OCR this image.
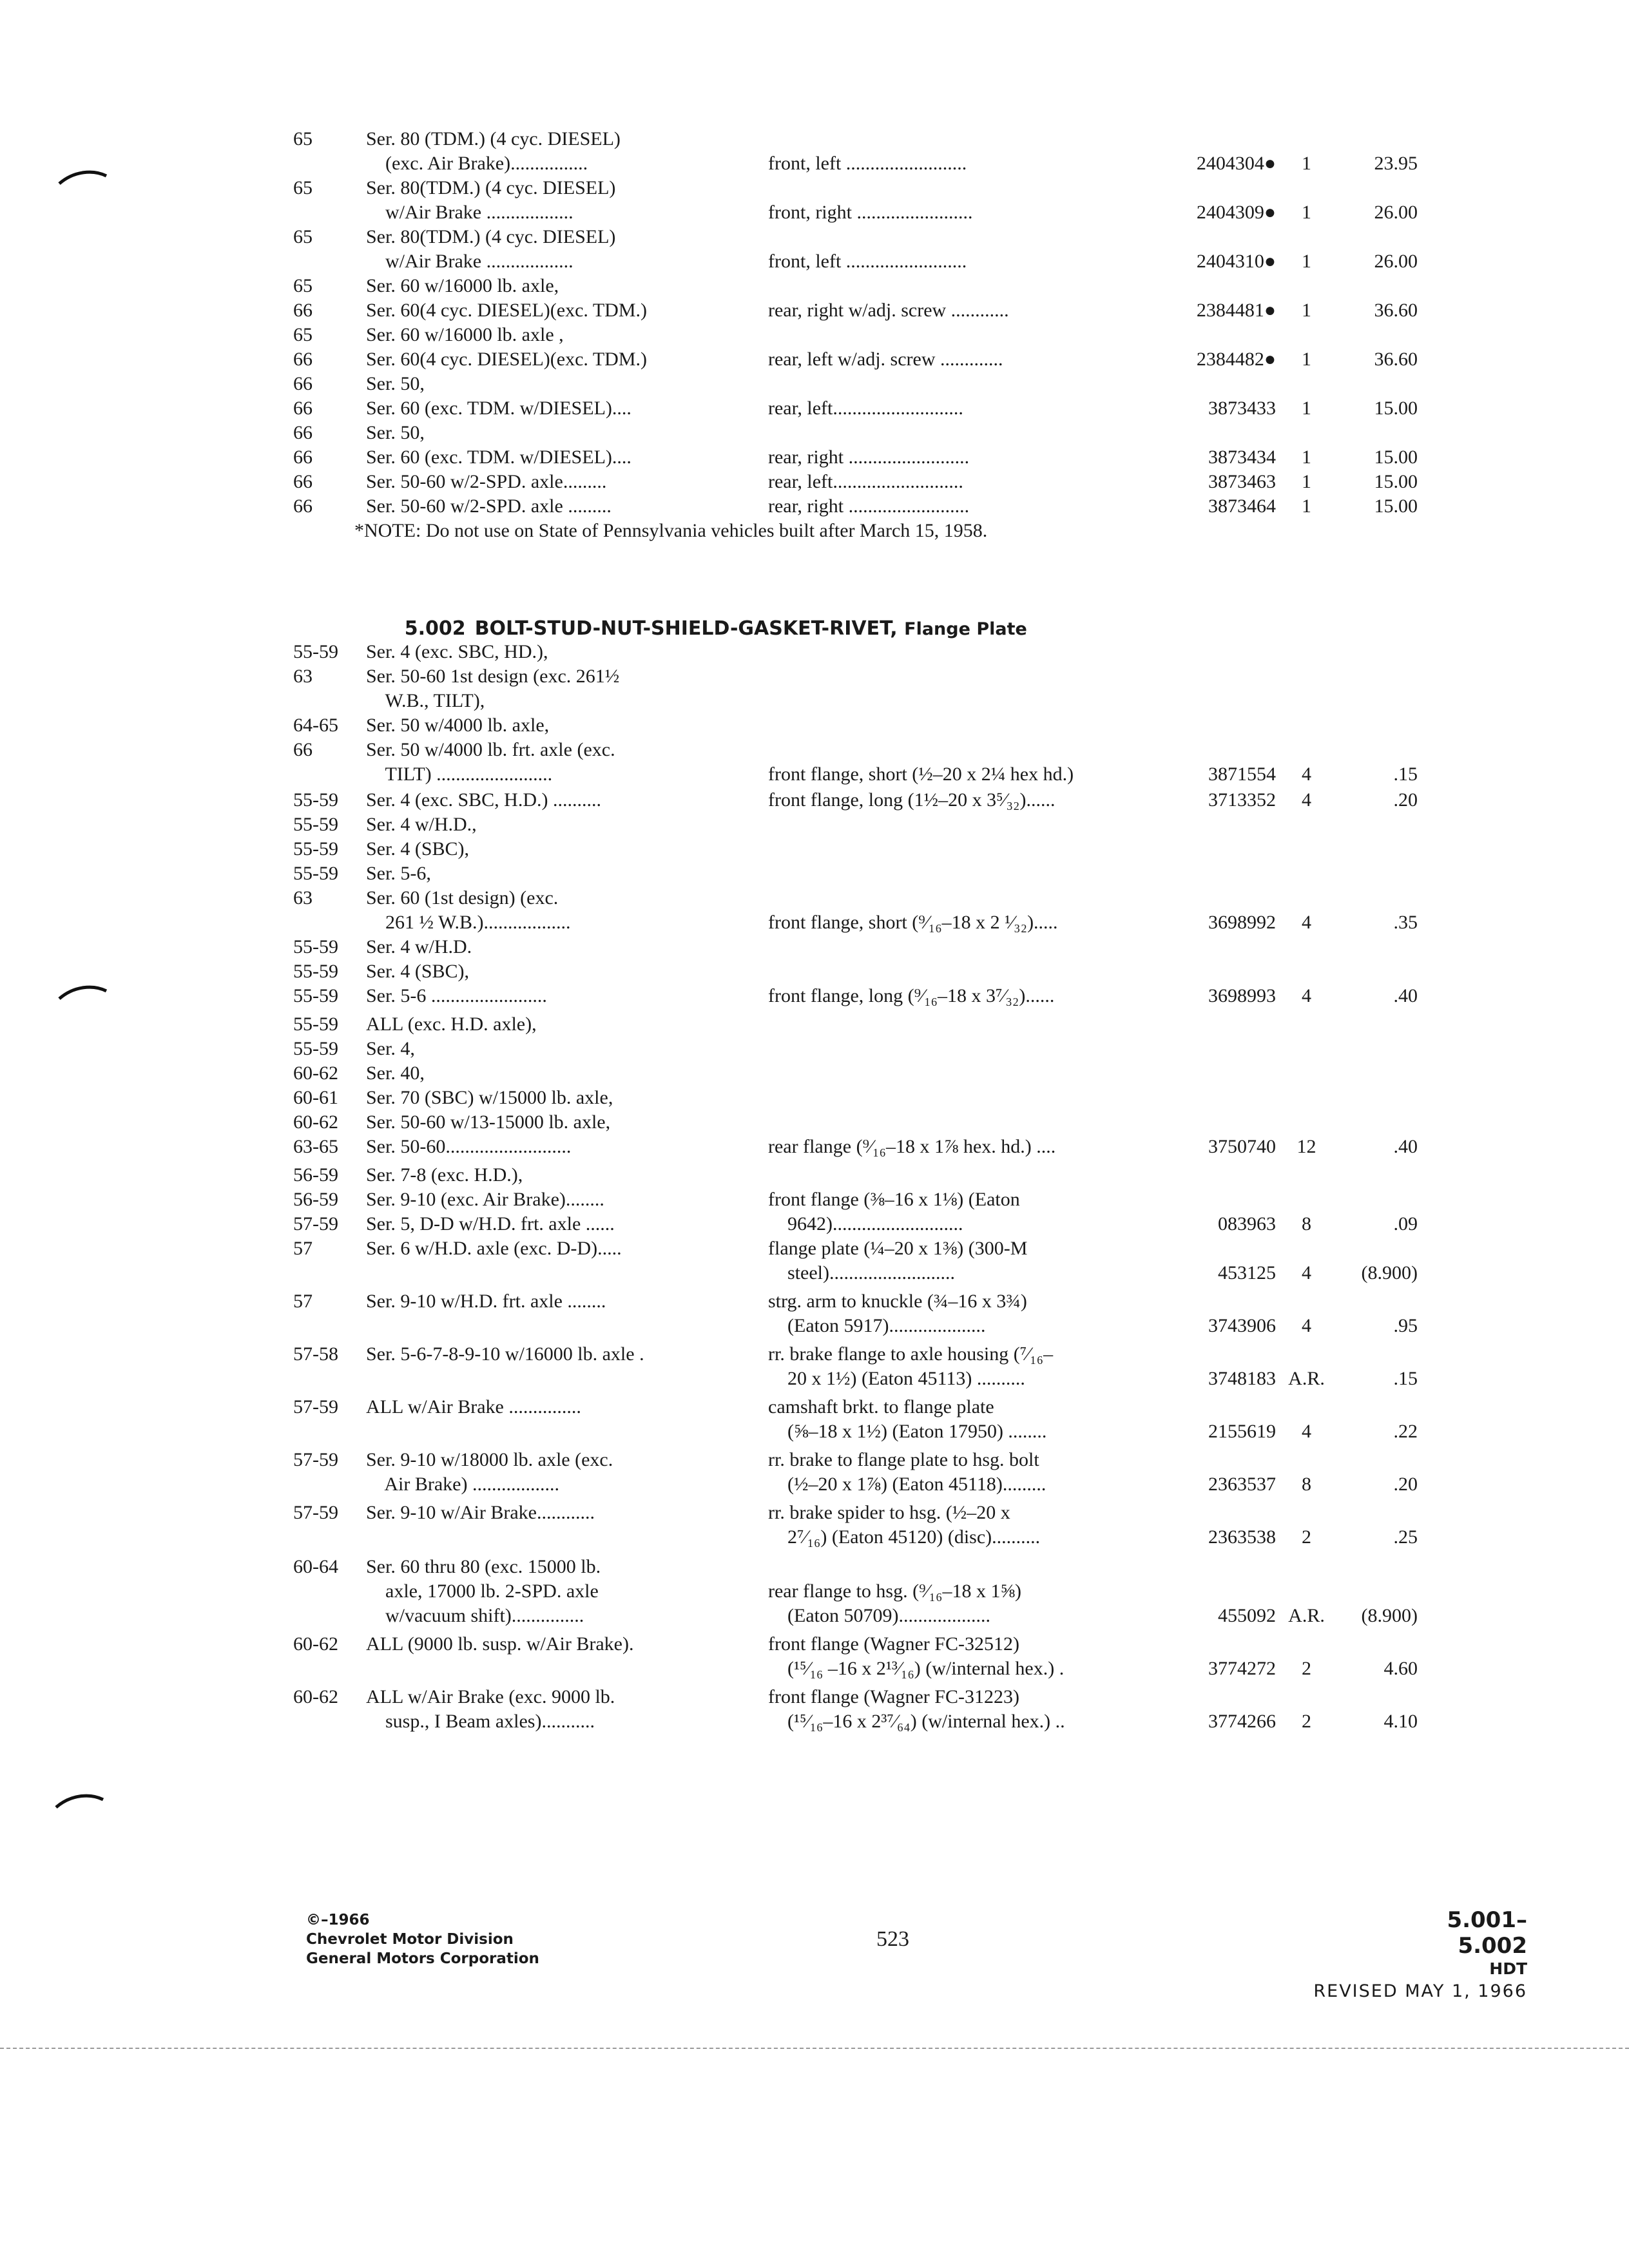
65	Ser. 80 (TDM.) (4 cyc. DIESEL)
(exc. Air Brake)................	front, left .........................	2404304●	1	23.95
65	Ser. 80(TDM.) (4 cyc. DIESEL)
w/Air Brake ..................	front, right ........................	2404309●	1	26.00
65	Ser. 80(TDM.) (4 cyc. DIESEL)
w/Air Brake ..................	front, left .........................	2404310●	1	26.00
65	Ser. 60 w/16000 lb. axle,
66	Ser. 60(4 cyc. DIESEL)(exc. TDM.)	rear, right w/adj. screw ............	2384481●	1	36.60
65	Ser. 60 w/16000 lb. axle ,
66	Ser. 60(4 cyc. DIESEL)(exc. TDM.)	rear, left w/adj. screw .............	2384482●	1	36.60
66	Ser. 50,
66	Ser. 60 (exc. TDM. w/DIESEL)....	rear, left...........................	3873433	1	15.00
66	Ser. 50,
66	Ser. 60 (exc. TDM. w/DIESEL)....	rear, right .........................	3873434	1	15.00
66	Ser. 50-60 w/2-SPD. axle.........	rear, left...........................	3873463	1	15.00
66	Ser. 50-60 w/2-SPD. axle .........	rear, right .........................	3873464	1	15.00
*NOTE: Do not use on State of Pennsylvania vehicles built after March 15, 1958.

5.002 BOLT-STUD-NUT-SHIELD-GASKET-RIVET, Flange Plate

55-59	Ser. 4 (exc. SBC, HD.),
63	Ser. 50-60 1st design (exc. 261½
W.B., TILT),
64-65	Ser. 50 w/4000 lb. axle,
66	Ser. 50 w/4000 lb. frt. axle (exc.
TILT) ........................	front flange, short (½–20 x 2¼ hex hd.)	3871554	4	.15
55-59	Ser. 4 (exc. SBC, H.D.) ..........	front flange, long (1½–20 x 3⁵⁄₃₂)......	3713352	4	.20
55-59	Ser. 4 w/H.D.,
55-59	Ser. 4 (SBC),
55-59	Ser. 5-6,
63	Ser. 60 (1st design) (exc.
261 ½ W.B.)..................	front flange, short (⁹⁄₁₆–18 x 2 ¹⁄₃₂).....	3698992	4	.35
55-59	Ser. 4 w/H.D.
55-59	Ser. 4 (SBC),
55-59	Ser. 5-6 ........................	front flange, long (⁹⁄₁₆–18 x 3⁷⁄₃₂)......	3698993	4	.40
55-59	ALL (exc. H.D. axle),
55-59	Ser. 4,
60-62	Ser. 40,
60-61	Ser. 70 (SBC) w/15000 lb. axle,
60-62	Ser. 50-60 w/13-15000 lb. axle,
63-65	Ser. 50-60..........................	rear flange (⁹⁄₁₆–18 x 1⅞ hex. hd.) ....	3750740	12	.40
56-59	Ser. 7-8 (exc. H.D.),
56-59	Ser. 9-10 (exc. Air Brake)........	front flange (⅜–16 x 1⅛) (Eaton
57-59	Ser. 5, D-D w/H.D. frt. axle ......	9642)...........................	083963	8	.09
57	Ser. 6 w/H.D. axle (exc. D-D).....	flange plate (¼–20 x 1⅜) (300-M
steel)..........................	453125	4	(8.900)
57	Ser. 9-10 w/H.D. frt. axle ........	strg. arm to knuckle (¾–16 x 3¾)
(Eaton 5917)....................	3743906	4	.95
57-58	Ser. 5-6-7-8-9-10 w/16000 lb. axle .	rr. brake flange to axle housing (⁷⁄₁₆–
20 x 1½) (Eaton 45113) ..........	3748183 A.R.	.15
57-59	ALL w/Air Brake ...............	camshaft brkt. to flange plate
(⅝–18 x 1½) (Eaton 17950) ........	2155619	4	.22
57-59	Ser. 9-10 w/18000 lb. axle (exc.	rr. brake to flange plate to hsg. bolt
Air Brake) ..................	(½–20 x 1⅞) (Eaton 45118).........	2363537	8	.20
57-59	Ser. 9-10 w/Air Brake............	rr. brake spider to hsg. (½–20 x
2⁷⁄₁₆) (Eaton 45120) (disc)..........	2363538	2	.25
60-64	Ser. 60 thru 80 (exc. 15000 lb.
axle, 17000 lb. 2-SPD. axle	rear flange to hsg. (⁹⁄₁₆–18 x 1⅝)
w/vacuum shift)...............	(Eaton 50709)...................	455092 A.R.	(8.900)
60-62	ALL (9000 lb. susp. w/Air Brake).	front flange (Wagner FC-32512)
(¹⁵⁄₁₆ –16 x 2¹³⁄₁₆) (w/internal hex.) .	3774272	2	4.60
60-62	ALL w/Air Brake (exc. 9000 lb.	front flange (Wagner FC-31223)
susp., I Beam axles)...........	(¹⁵⁄₁₆–16 x 2³⁷⁄₆₄) (w/internal hex.) ..	3774266	2	4.10
©–1966
Chevrolet Motor Division
General Motors Corporation
523
5.001–5.002
HDT
REVISED MAY 1, 1966
